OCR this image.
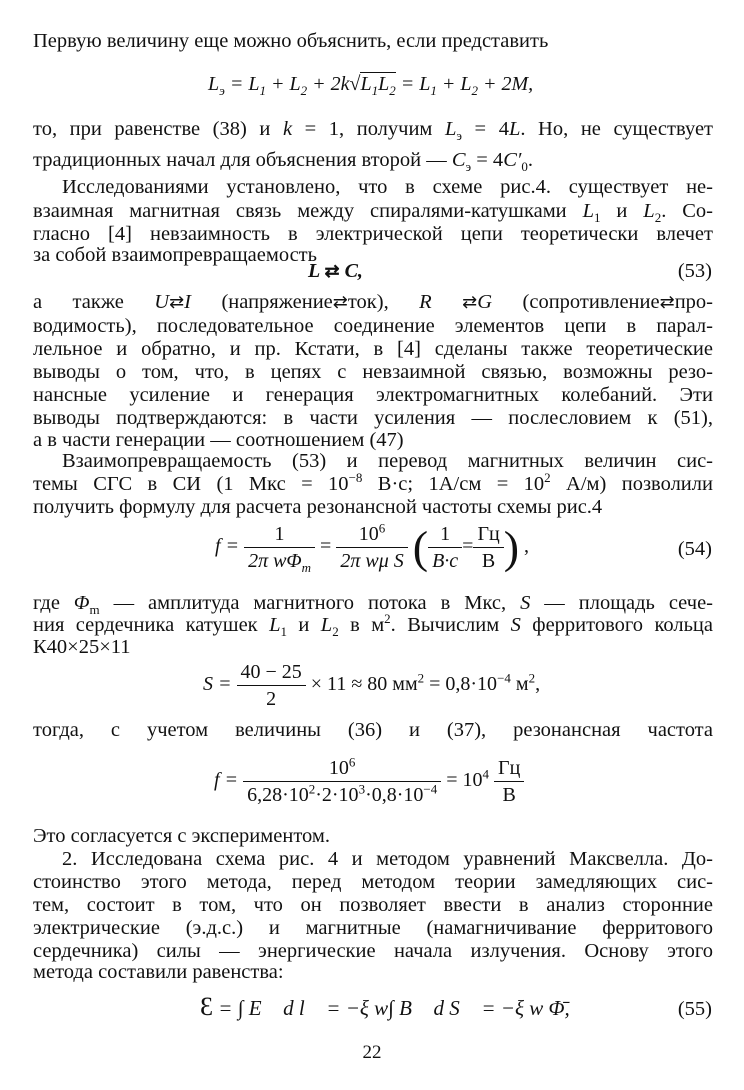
Первую величину еще можно объяснить, если представить
$L_э = L_1 + L_2 + 2k√L_1L_2 = L_1 + L_2 + 2M$,
то, при равенстве (38) и k = 1, получим $L_э = 4L$. Но, не существует
традиционных начал для объяснения второй — $C_э = 4C'_0$.
Исследованиями установлено, что в схеме рис.4. существует не-
взаимная магнитная связь между спиралями-катушками $L_1$ и $L_2$. Со-
гласно [4] невзаимность в электрической цепи теоретически влечет
за собой взаимопревращаемость
L ⇄ C,	(53)
а также U⇄I (напряжение⇄ток), R ⇄G (сопротивление⇄про-
водимость), последовательное соединение элементов цепи в парал-
лельное и обратно, и пр. Кстати, в [4] сделаны также теоретические
выводы о том, что, в цепях с невзаимной связью, возможны резо-
нансные усиление и генерация электромагнитных колебаний. Эти
выводы подтверждаются: в части усиления — послесловием к (51),
а в части генерации — соотношением (47)
Взаимопревращаемость (53) и перевод магнитных величин сис-
темы СГС в СИ (1 Мкс = $10^{-8}$ В·с; $1А/см = 10^2$ А/м) позволили
получить формулу для расчета резонансной частоты схемы рис.4
$f = \frac{1}{2\pi w\Phi_m} = \frac{10^6}{\text{2π wμ S}}$ ( $\frac{1}{B\cdot c} = \frac{Гц}{В}$ ) ,	(54)
где $\Phi_m$ — амплитуда магнитного потока в Мкс, S — площадь сече-
ния сердечника катушек $L_1$ и $L_2$ в $м^2$. Вычислим S ферритового кольца
К40×25×11
$S = \frac{40 - 25}{2} \times 11 \approx 80$ $мм^2 = 0,8\cdot 10^{-4}$ $м^2$,
тогда, с учетом величины (36) и (37), резонансная частота
$f = \frac{10^6}{6,28\cdot 10^2\cdot 2\cdot 10^3\cdot 0,8\cdot 10^{-4}} = 10^4 \frac{Гц}{В}$
Это согласуется с экспериментом.
2. Исследована схема рис. 4 и методом уравнений Максвелла. До-
стоинство этого метода, перед методом теории замедляющих сис-
тем, состоит в том, что он позволяет ввести в анализ сторонние
электрические (э.д.с.) и магнитные (намагничивание ферритового
сердечника) силы — энергические начала излучения. Основу этого
метода составили равенства:
Ɛ = ∫ E⃗ d l⃗ = −ξ w∫ B⃗ d S⃗ = −ξ w Φ̄,	(55)
22
